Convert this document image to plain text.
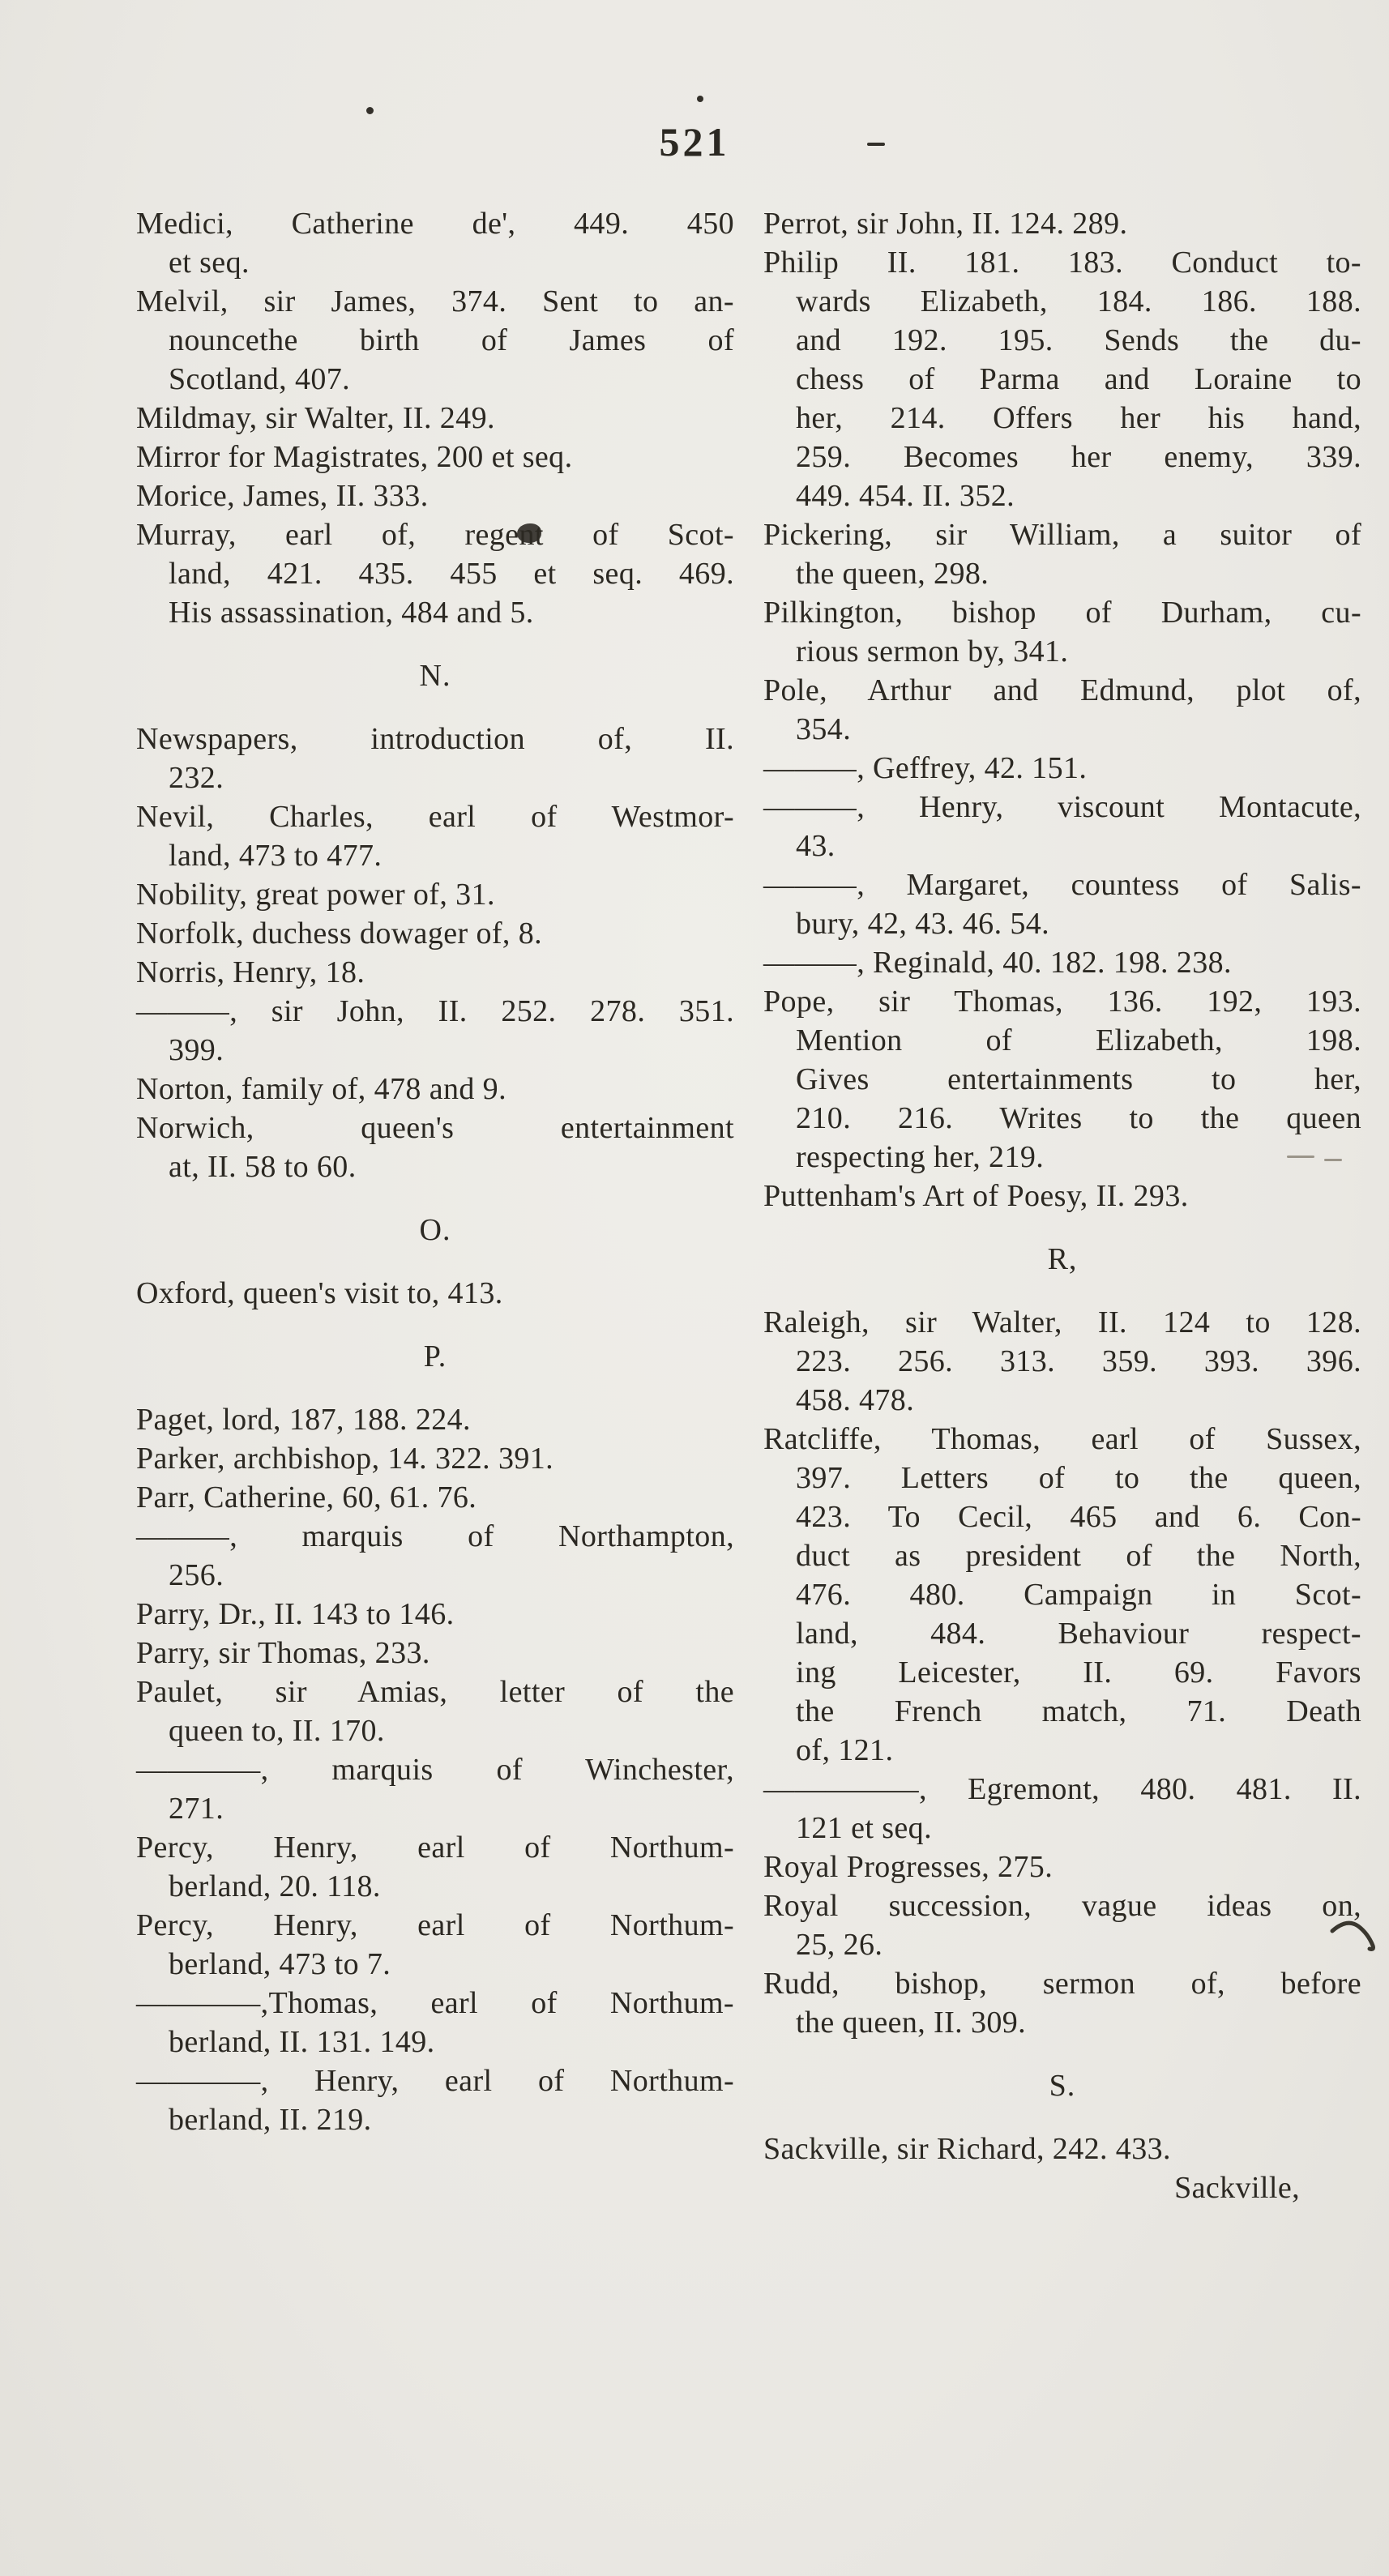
521
Medici, Catherine de', 449. 450
et seq.
Melvil, sir James, 374. Sent to an-
nouncethe birth of James of
Scotland, 407.
Mildmay, sir Walter, II. 249.
Mirror for Magistrates, 200 et seq.
Morice, James, II. 333.
Murray, earl of, regent of Scot-
land, 421. 435. 455 et seq. 469.
His assassination, 484 and 5.
N.
Newspapers, introduction of, II.
232.
Nevil, Charles, earl of Westmor-
land, 473 to 477.
Nobility, great power of, 31.
Norfolk, duchess dowager of, 8.
Norris, Henry, 18.
———, sir John, II. 252. 278. 351.
399.
Norton, family of, 478 and 9.
Norwich, queen's entertainment
at, II. 58 to 60.
O.
Oxford, queen's visit to, 413.
P.
Paget, lord, 187, 188. 224.
Parker, archbishop, 14. 322. 391.
Parr, Catherine, 60, 61. 76.
———, marquis of Northampton,
256.
Parry, Dr., II. 143 to 146.
Parry, sir Thomas, 233.
Paulet, sir Amias, letter of the
queen to, II. 170.
————, marquis of Winchester,
271.
Percy, Henry, earl of Northum-
berland, 20. 118.
Percy, Henry, earl of Northum-
berland, 473 to 7.
————,Thomas, earl of Northum-
berland, II. 131. 149.
————, Henry, earl of Northum-
berland, II. 219.
Perrot, sir John, II. 124. 289.
Philip II. 181. 183. Conduct to-
wards Elizabeth, 184. 186. 188.
and 192. 195. Sends the du-
chess of Parma and Loraine to
her, 214. Offers her his hand,
259. Becomes her enemy, 339.
449. 454. II. 352.
Pickering, sir William, a suitor of
the queen, 298.
Pilkington, bishop of Durham, cu-
rious sermon by, 341.
Pole, Arthur and Edmund, plot of,
354.
———, Geffrey, 42. 151.
———, Henry, viscount Montacute,
43.
———, Margaret, countess of Salis-
bury, 42, 43. 46. 54.
———, Reginald, 40. 182. 198. 238.
Pope, sir Thomas, 136. 192, 193.
Mention of Elizabeth, 198.
Gives entertainments to her,
210. 216. Writes to the queen
respecting her, 219.
Puttenham's Art of Poesy, II. 293.
R,
Raleigh, sir Walter, II. 124 to 128.
223. 256. 313. 359. 393. 396.
458. 478.
Ratcliffe, Thomas, earl of Sussex,
397. Letters of to the queen,
423. To Cecil, 465 and 6. Con-
duct as president of the North,
476. 480. Campaign in Scot-
land, 484. Behaviour respect-
ing Leicester, II. 69. Favors
the French match, 71. Death
of, 121.
—————, Egremont, 480. 481. II.
121 et seq.
Royal Progresses, 275.
Royal succession, vague ideas on,
25, 26.
Rudd, bishop, sermon of, before
the queen, II. 309.
S.
Sackville, sir Richard, 242. 433.
Sackville,
